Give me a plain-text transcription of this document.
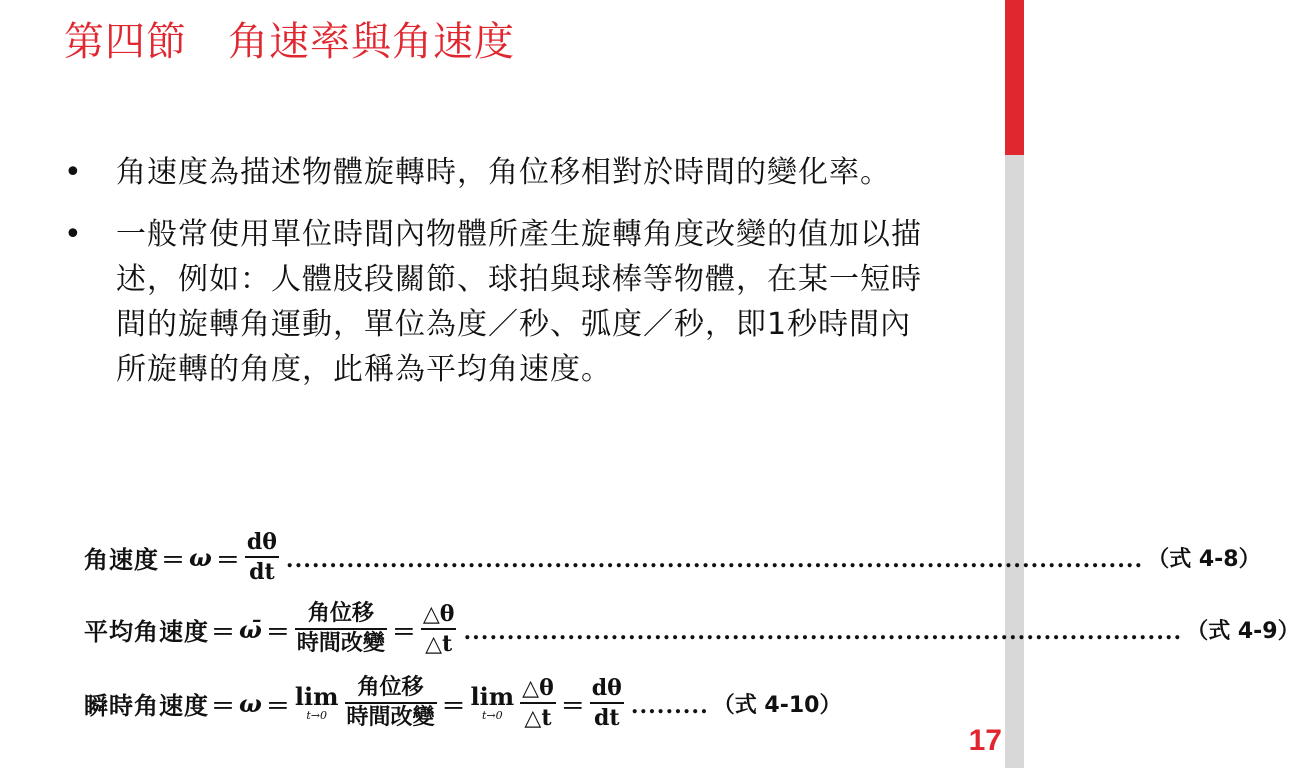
第四節　角速率與角速度
• 角速度為描述物體旋轉時，角位移相對於時間的變化率。
• 一般常使用單位時間內物體所產生旋轉角度改變的值加以描述，例如：人體肢段關節、球拍與球棒等物體，在某一短時間的旋轉角運動，單位為度／秒、弧度／秒，即1秒時間內所旋轉的角度，此稱為平均角速度。
角速度 ＝ $\omega = \frac{d\theta}{dt}$ ................................................................................................... （式 4-8）
平均角速度 ＝ ω̄ ＝ $\frac{\text{角位移}}{\text{時間改變}} = \frac{\triangle\theta}{\triangle t}$ ................................................................................... （式 4-9）
瞬時角速度 ＝ ω ＝ lim
$t\to 0 \frac{\text{角位移}}{\text{時間改變}} = \lim$
$t\to 0 \frac{\triangle\theta}{\triangle t} = \frac{d\theta}{dt}$ ......... （式 4-10）
17
